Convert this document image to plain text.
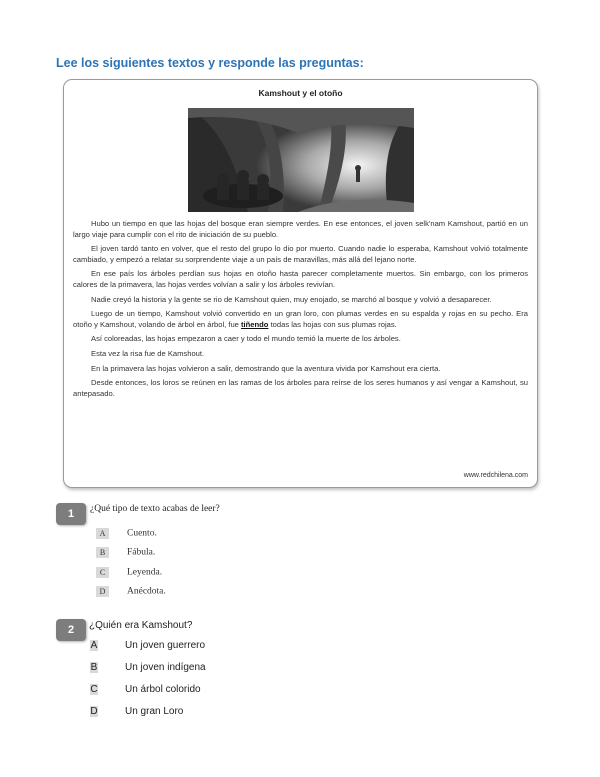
Lee los siguientes textos y responde las preguntas:
Kamshout y el otoño

Hubo un tiempo en que las hojas del bosque eran siempre verdes. En ese entonces, el joven selk'nam Kamshout, partió en un largo viaje para cumplir con el rito de iniciación de su pueblo.

El joven tardó tanto en volver, que el resto del grupo lo dio por muerto. Cuando nadie lo esperaba, Kamshout volvió totalmente cambiado, y empezó a relatar su sorprendente viaje a un país de maravillas, más allá del lejano norte.

En ese país los árboles perdían sus hojas en otoño hasta parecer completamente muertos. Sin embargo, con los primeros calores de la primavera, las hojas verdes volvían a salir y los árboles revivían.

Nadie creyó la historia y la gente se rio de Kamshout quien, muy enojado, se marchó al bosque y volvió a desaparecer.

Luego de un tiempo, Kamshout volvió convertido en un gran loro, con plumas verdes en su espalda y rojas en su pecho. Era otoño y Kamshout, volando de árbol en árbol, fue tiñendo todas las hojas con sus plumas rojas.

Así coloreadas, las hojas empezaron a caer y todo el mundo temió la muerte de los árboles.

Esta vez la risa fue de Kamshout.

En la primavera las hojas volvieron a salir, demostrando que la aventura vivida por Kamshout era cierta.

Desde entonces, los loros se reúnen en las ramas de los árboles para reírse de los seres humanos y así vengar a Kamshout, su antepasado.

www.redchilena.com
1	¿Qué tipo de texto acabas de leer?
A Cuento.
B Fábula.
C Leyenda.
D Anécdota.
2	¿Quién era Kamshout?
A	Un joven guerrero
B	Un joven indígena
C	Un árbol colorido
D	Un gran Loro
